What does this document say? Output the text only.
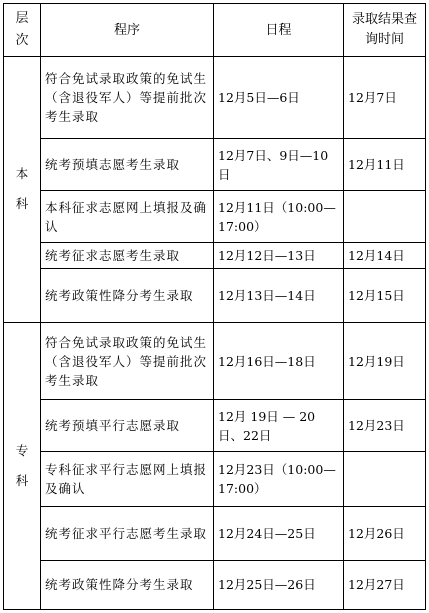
层次	程序	日程	录取结果查询时间
本科	符合免试录取政策的免试生（含退役军人）等提前批次考生录取	12月5日—6日	12月7日
	统考预填志愿考生录取	12月7日、9日—10日	12月11日
	本科征求志愿网上填报及确认	12月11日（10:00—17:00）	
	统考征求志愿考生录取	12月12日—13日	12月14日
	统考政策性降分考生录取	12月13日—14日	12月15日
专科	符合免试录取政策的免试生（含退役军人）等提前批次考生录取	12月16日—18日	12月19日
	统考预填平行志愿录取	12月 19日 — 20日、22日	12月23日
	专科征求平行志愿网上填报及确认	12月23日（10:00—17:00）	
	统考征求平行志愿考生录取	12月24日—25日	12月26日
	统考政策性降分考生录取	12月25日—26日	12月27日
